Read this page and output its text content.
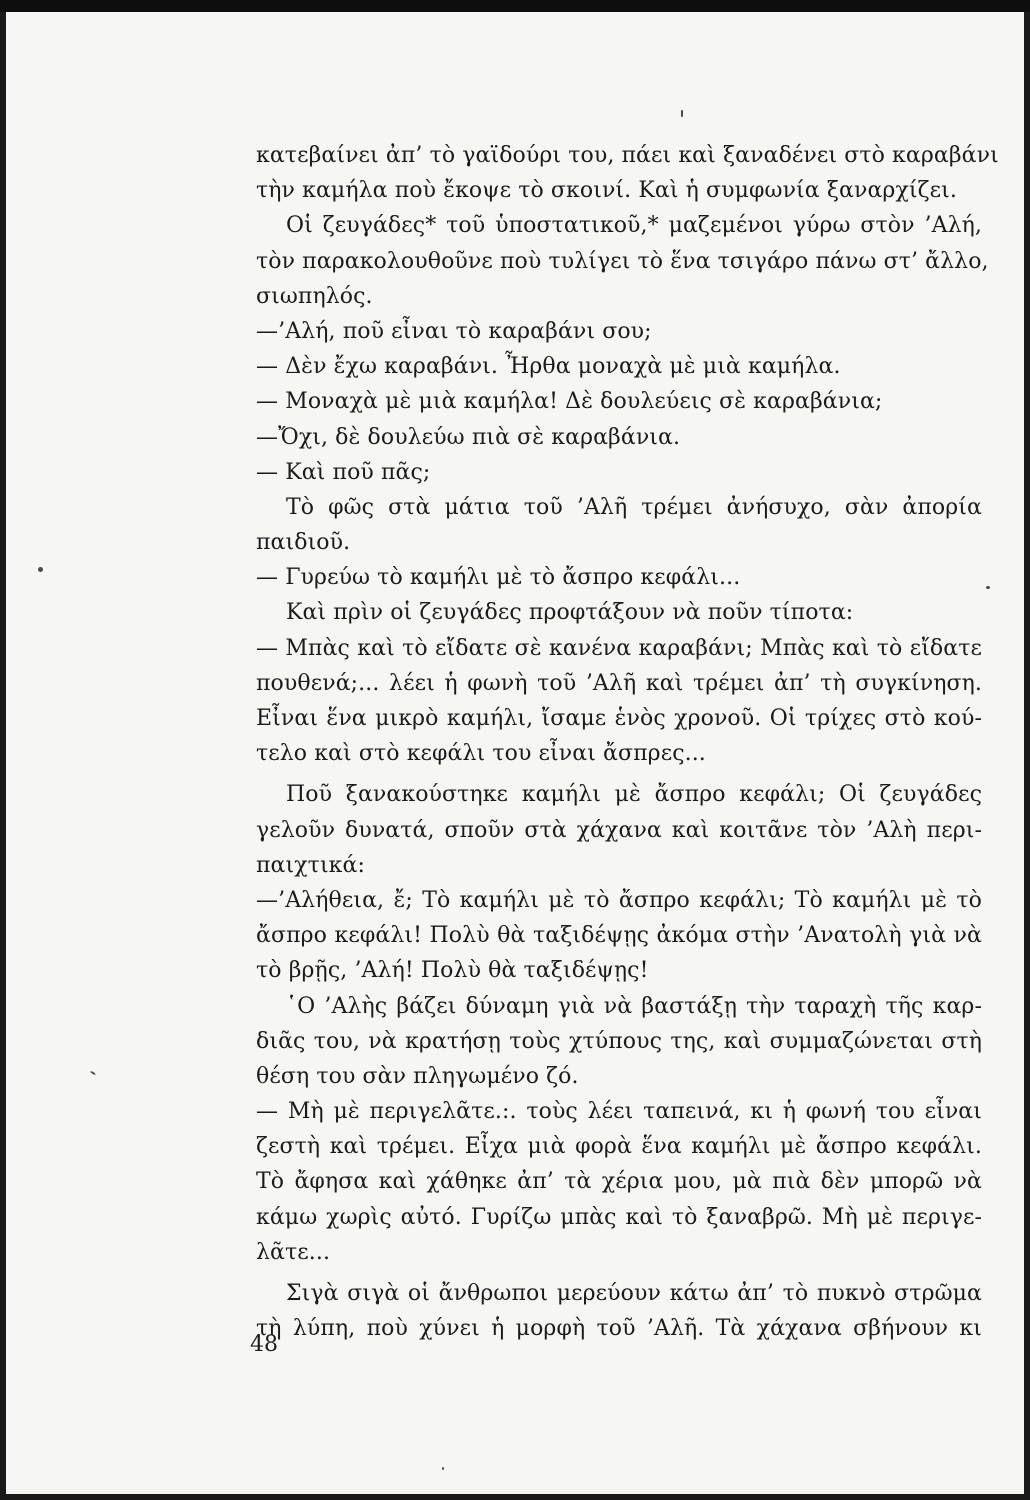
κατεβαίνει ἀπ’ τὸ γαϊδούρι του, πάει καὶ ξαναδένει στὸ καραβάνι
τὴν καμήλα ποὺ ἔκοψε τὸ σκοινί. Καὶ ἡ συμφωνία ξαναρχίζει.
Οἱ ζευγάδες* τοῦ ὑποστατικοῦ,* μαζεμένοι γύρω στὸν ’Αλή,
τὸν παρακολουθοῦνε ποὺ τυλίγει τὸ ἕνα τσιγάρο πάνω στ’ ἄλλο,
σιωπηλός.
—’Αλή, ποῦ εἶναι τὸ καραβάνι σου;
— Δὲν ἔχω καραβάνι. Ἦρθα μοναχὰ μὲ μιὰ καμήλα.
— Μοναχὰ μὲ μιὰ καμήλα! Δὲ δουλεύεις σὲ καραβάνια;
—Ὄχι, δὲ δουλεύω πιὰ σὲ καραβάνια.
— Καὶ ποῦ πᾶς;
Τὸ φῶς στὰ μάτια τοῦ ’Αλῆ τρέμει ἀνήσυχο, σὰν ἀπορία
παιδιοῦ.
— Γυρεύω τὸ καμήλι μὲ τὸ ἄσπρο κεφάλι...
Καὶ πρὶν οἱ ζευγάδες προφτάξουν νὰ ποῦν τίποτα:
— Μπὰς καὶ τὸ εἴδατε σὲ κανένα καραβάνι; Μπὰς καὶ τὸ εἴδατε
πουθενά;... λέει ἡ φωνὴ τοῦ ’Αλῆ καὶ τρέμει ἀπ’ τὴ συγκίνηση.
Εἶναι ἕνα μικρὸ καμήλι, ἴσαμε ἑνὸς χρονοῦ. Οἱ τρίχες στὸ κού-
τελο καὶ στὸ κεφάλι του εἶναι ἄσπρες...
Ποῦ ξανακούστηκε καμήλι μὲ ἄσπρο κεφάλι; Οἱ ζευγάδες
γελοῦν δυνατά, σποῦν στὰ χάχανα καὶ κοιτᾶνε τὸν ’Αλὴ περι-
παιχτικά:
—’Αλήθεια, ἔ; Τὸ καμήλι μὲ τὸ ἄσπρο κεφάλι; Τὸ καμήλι μὲ τὸ
ἄσπρο κεφάλι! Πολὺ θὰ ταξιδέψῃς ἀκόμα στὴν ’Ανατολὴ γιὰ νὰ
τὸ βρῇς, ’Αλή! Πολὺ θὰ ταξιδέψῃς!
῾Ο ’Αλὴς βάζει δύναμη γιὰ νὰ βαστάξῃ τὴν ταραχὴ τῆς καρ-
διᾶς του, νὰ κρατήσῃ τοὺς χτύπους της, καὶ συμμαζώνεται στὴ
θέση του σὰν πληγωμένο ζό.
— Μὴ μὲ περιγελᾶτε.:. τοὺς λέει ταπεινά, κι ἡ φωνή του εἶναι
ζεστὴ καὶ τρέμει. Εἶχα μιὰ φορὰ ἕνα καμήλι μὲ ἄσπρο κεφάλι.
Τὸ ἄφησα καὶ χάθηκε ἀπ’ τὰ χέρια μου, μὰ πιὰ δὲν μπορῶ νὰ
κάμω χωρὶς αὐτό. Γυρίζω μπὰς καὶ τὸ ξαναβρῶ. Μὴ μὲ περιγε-
λᾶτε...
Σιγὰ σιγὰ οἱ ἄνθρωποι μερεύουν κάτω ἀπ’ τὸ πυκνὸ στρῶμα
τὴ λύπη, ποὺ χύνει ἡ μορφὴ τοῦ ’Αλῆ. Τὰ χάχανα σβήνουν κι
48
